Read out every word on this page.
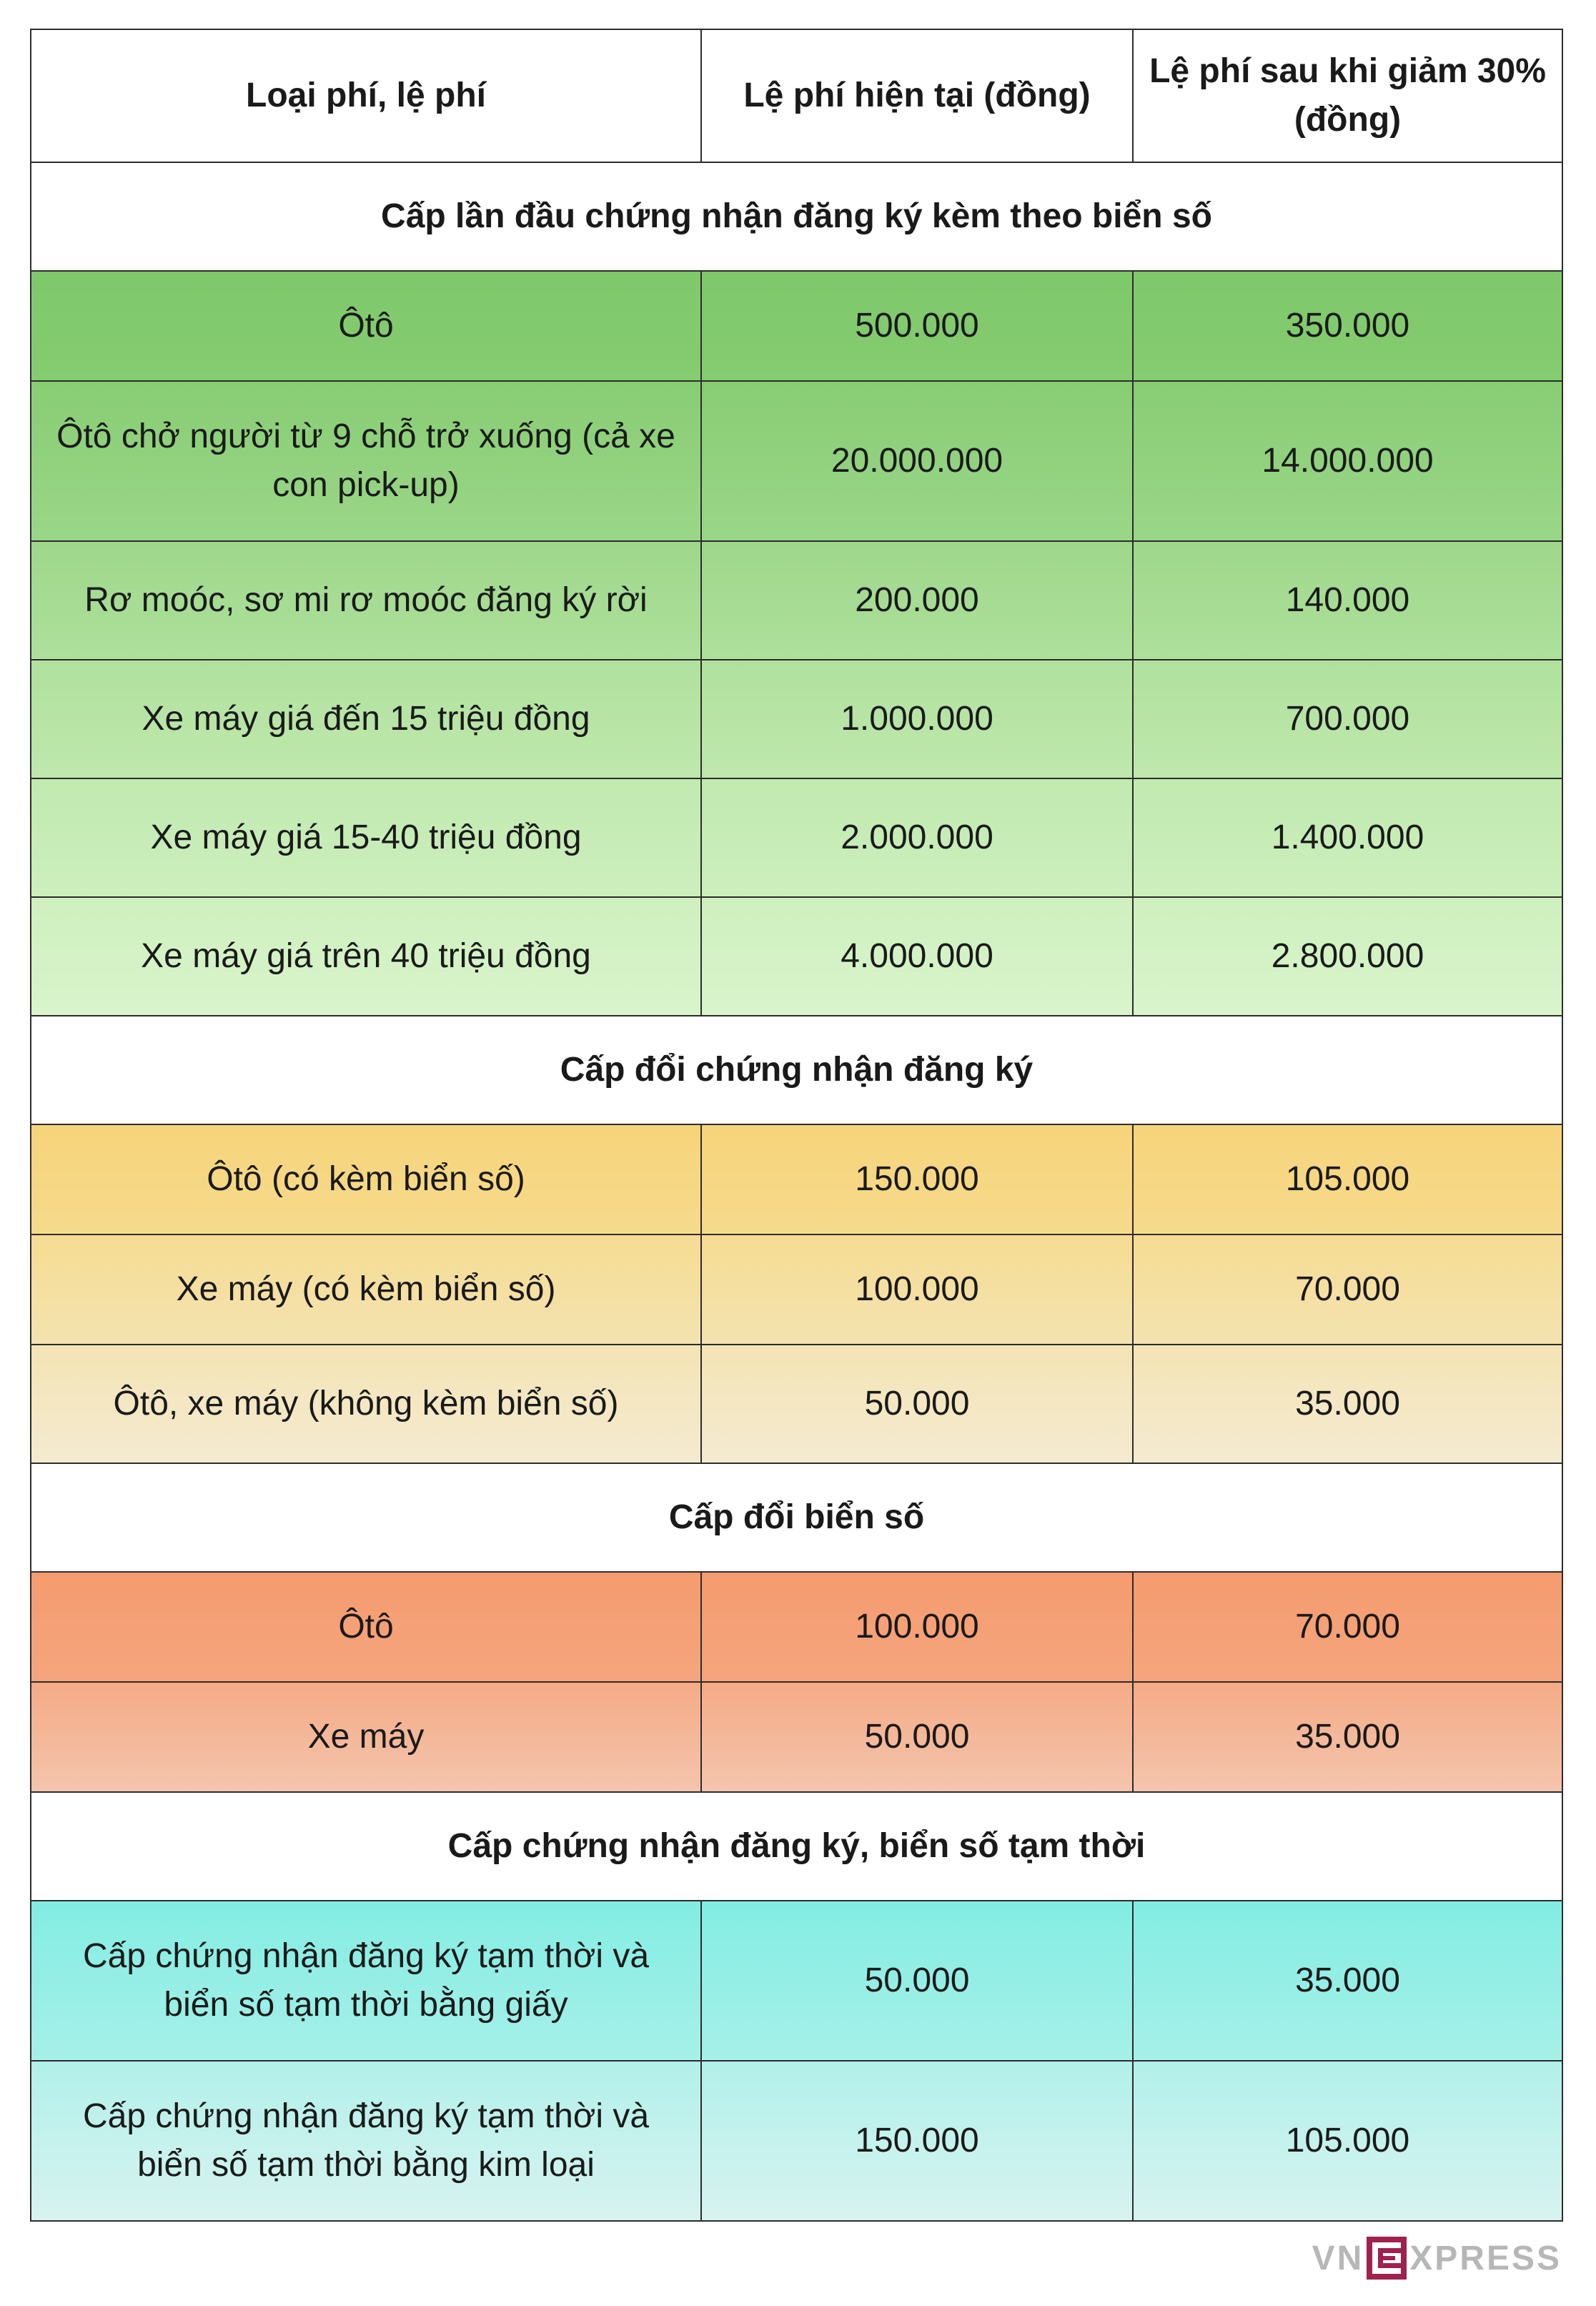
Loại phí, lệ phí	Lệ phí hiện tại (đồng)	Lệ phí sau khi giảm 30% (đồng)
Cấp lần đầu chứng nhận đăng ký kèm theo biển số		
Ôtô	500.000	350.000
Ôtô chở người từ 9 chỗ trở xuống (cả xe con pick-up)	20.000.000	14.000.000
Rơ moóc, sơ mi rơ moóc đăng ký rời	200.000	140.000
Xe máy giá đến 15 triệu đồng	1.000.000	700.000
Xe máy giá 15-40 triệu đồng	2.000.000	1.400.000
Xe máy giá trên 40 triệu đồng	4.000.000	2.800.000
Cấp đổi chứng nhận đăng ký		
Ôtô (có kèm biển số)	150.000	105.000
Xe máy (có kèm biển số)	100.000	70.000
Ôtô, xe máy (không kèm biển số)	50.000	35.000
Cấp đổi biển số		
Ôtô	100.000	70.000
Xe máy	50.000	35.000
Cấp chứng nhận đăng ký, biển số tạm thời		
Cấp chứng nhận đăng ký tạm thời và biển số tạm thời bằng giấy	50.000	35.000
Cấp chứng nhận đăng ký tạm thời và biển số tạm thời bằng kim loại	150.000	105.000
VN XPRESS
